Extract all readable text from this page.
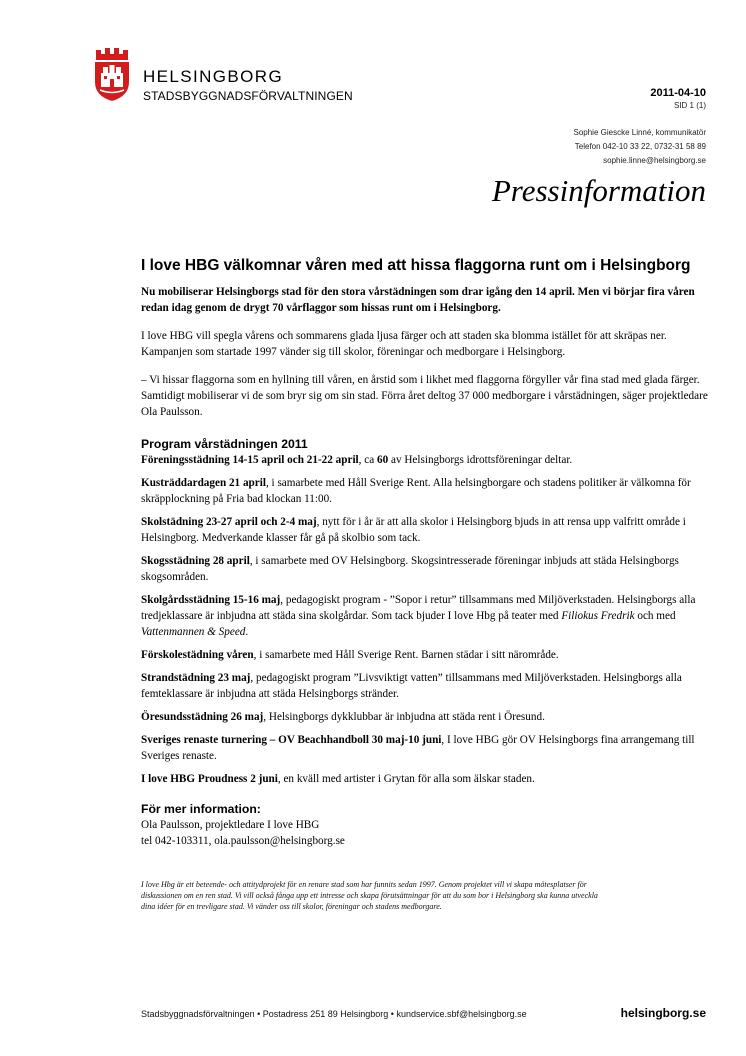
HELSINGBORG
STADSBYGGNADSFÖRVALTNINGEN	2011-04-10
SID 1 (1)
Sophie Giescke Linné, kommunikatör
Telefon 042-10 33 22, 0732-31 58 89
sophie.linne@helsingborg.se
Pressinformation
I love HBG välkomnar våren med att hissa flaggorna runt om i Helsingborg

Nu mobiliserar Helsingborgs stad för den stora vårstädningen som drar igång den 14 april. Men vi börjar fira våren redan idag genom de drygt 70 vårflaggor som hissas runt om i Helsingborg.

I love HBG vill spegla vårens och sommarens glada ljusa färger och att staden ska blomma istället för att skräpas ner. Kampanjen som startade 1997 vänder sig till skolor, föreningar och medborgare i Helsingborg.

– Vi hissar flaggorna som en hyllning till våren, en årstid som i likhet med flaggorna förgyller vår fina stad med glada färger. Samtidigt mobiliserar vi de som bryr sig om sin stad. Förra året deltog 37 000 medborgare i vårstädningen, säger projektledare Ola Paulsson.

Program vårstädningen 2011

Föreningsstädning 14-15 april och 21-22 april, ca 60 av Helsingborgs idrottsföreningar deltar.

Kusträddardagen 21 april, i samarbete med Håll Sverige Rent. Alla helsingborgare och stadens politiker är välkomna för skräpplockning på Fria bad klockan 11:00.

Skolstädning 23-27 april och 2-4 maj, nytt för i år är att alla skolor i Helsingborg bjuds in att rensa upp valfritt område i Helsingborg. Medverkande klasser får gå på skolbio som tack.

Skogsstädning 28 april, i samarbete med OV Helsingborg. Skogsintresserade föreningar inbjuds att städa Helsingborgs skogsområden.

Skolgårdsstädning 15-16 maj, pedagogiskt program - ”Sopor i retur” tillsammans med Miljöverkstaden. Helsingborgs alla tredjeklassare är inbjudna att städa sina skolgårdar. Som tack bjuder I love Hbg på teater med Filiokus Fredrik och med Vattenmannen & Speed.

Förskolestädning våren, i samarbete med Håll Sverige Rent. Barnen städar i sitt närområde.

Strandstädning 23 maj, pedagogiskt program ”Livsviktigt vatten” tillsammans med Miljöverkstaden. Helsingborgs alla femteklassare är inbjudna att städa Helsingborgs stränder.

Öresundsstädning 26 maj, Helsingborgs dykklubbar är inbjudna att städa rent i Öresund.

Sveriges renaste turnering – OV Beachhandboll 30 maj-10 juni, I love HBG gör OV Helsingborgs fina arrangemang till Sveriges renaste.

I love HBG Proudness 2 juni, en kväll med artister i Grytan för alla som älskar staden.

För mer information:

Ola Paulsson, projektledare I love HBG

tel 042-103311, ola.paulsson@helsingborg.se

I love Hbg är ett beteende- och attitydprojekt för en renare stad som har funnits sedan 1997. Genom projektet vill vi skapa mötesplatser för diskussionen om en ren stad. Vi vill också fånga upp ett intresse och skapa förutsättningar för att du som bor i Helsingborg ska kunna utveckla dina idéer för en trevligare stad. Vi vänder oss till skolor, föreningar och stadens medborgare.

Stadsbyggnadsförvaltningen • Postadress 251 89 Helsingborg • kundservice.sbf@helsingborg.se	helsingborg.se
